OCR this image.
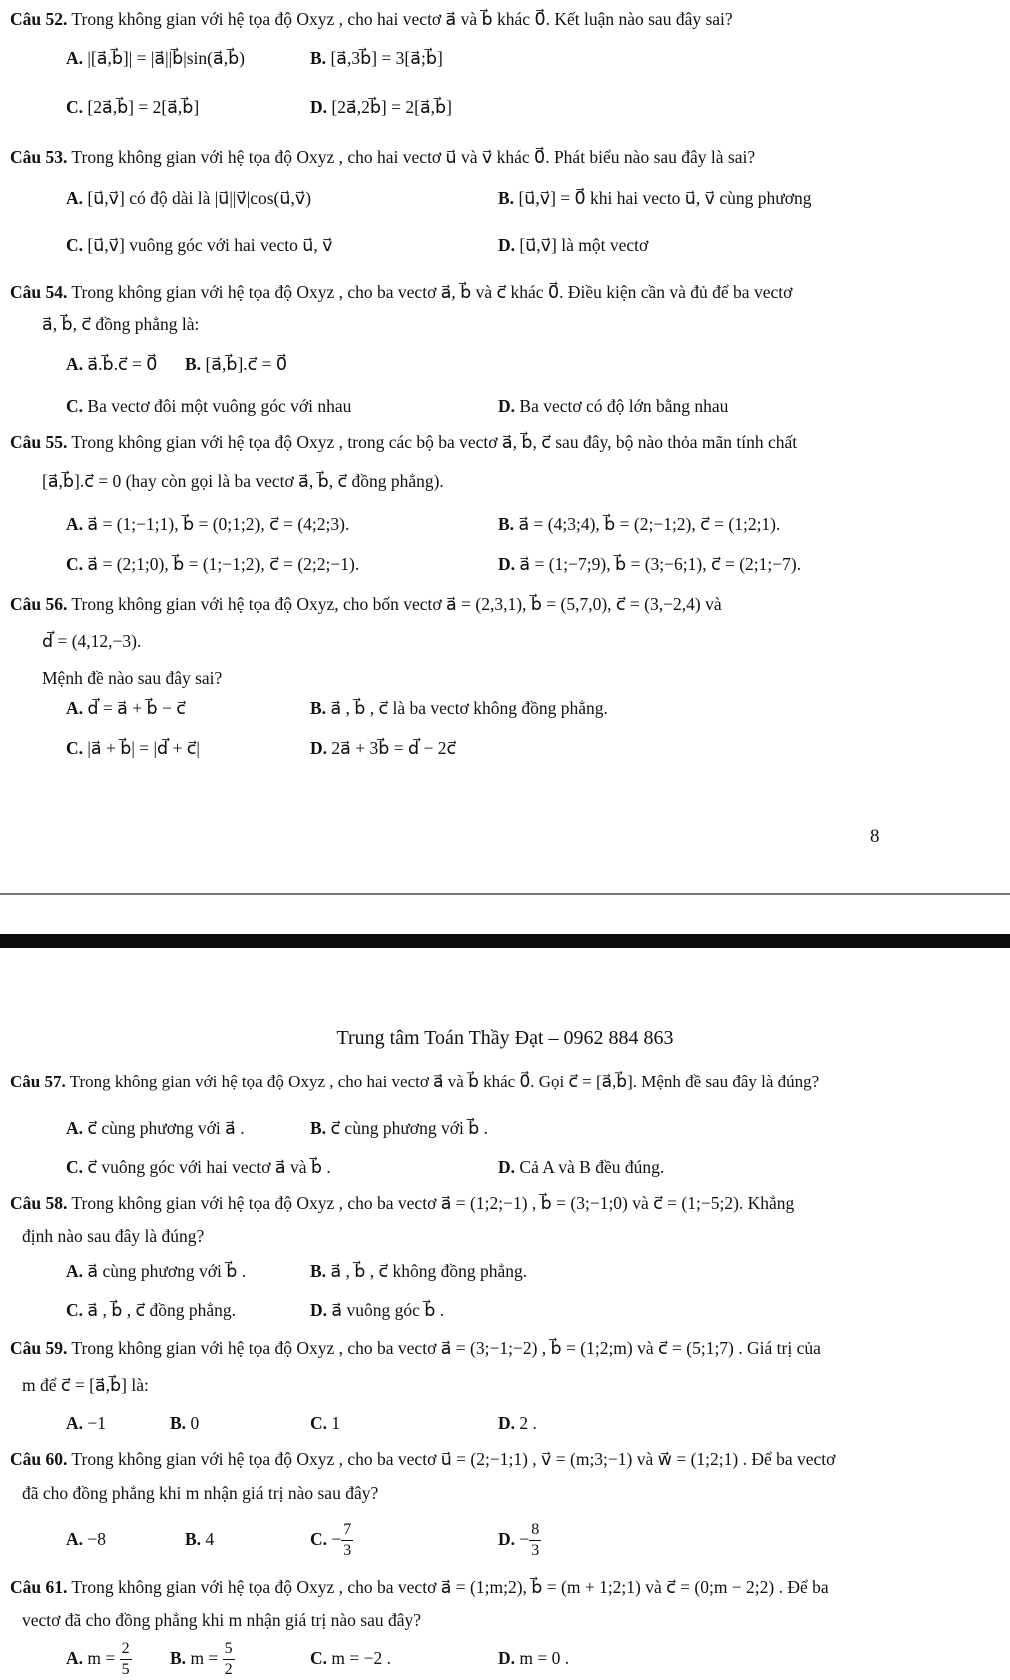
Câu 52. Trong không gian với hệ tọa độ Oxyz , cho hai vectơ a⃗ và b⃗ khác 0⃗. Kết luận nào sau đây sai?
A. |[a⃗,b⃗]| = |a⃗||b⃗|sin(a⃗,b⃗)	B. [a⃗,3b⃗] = 3[a⃗;b⃗]
C. [2a⃗,b⃗] = 2[a⃗,b⃗]	D. [2a⃗,2b⃗] = 2[a⃗,b⃗]
Câu 53. Trong không gian với hệ tọa độ Oxyz , cho hai vectơ u⃗ và v⃗ khác 0⃗. Phát biểu nào sau đây là sai?
A. [u⃗,v⃗] có độ dài là |u⃗||v⃗|cos(u⃗,v⃗)	B. [u⃗,v⃗] = 0⃗ khi hai vecto u⃗, v⃗ cùng phương
C. [u⃗,v⃗] vuông góc với hai vecto u⃗, v⃗	D. [u⃗,v⃗] là một vectơ
Câu 54. Trong không gian với hệ tọa độ Oxyz , cho ba vectơ a⃗, b⃗ và c⃗ khác 0⃗. Điều kiện cần và đủ để ba vectơ
a⃗, b⃗, c⃗ đồng phẳng là:
A. a⃗.b⃗.c⃗ = 0⃗ B. [a⃗,b⃗].c⃗ = 0⃗
C. Ba vectơ đôi một vuông góc với nhau	D. Ba vectơ có độ lớn bằng nhau
Câu 55. Trong không gian với hệ tọa độ Oxyz , trong các bộ ba vectơ a⃗, b⃗, c⃗ sau đây, bộ nào thỏa mãn tính chất
[a⃗,b⃗].c⃗ = 0 (hay còn gọi là ba vectơ a⃗, b⃗, c⃗ đồng phẳng).
A. a⃗ = (1;−1;1), b⃗ = (0;1;2), c⃗ = (4;2;3).	B. a⃗ = (4;3;4), b⃗ = (2;−1;2), c⃗ = (1;2;1).
C. a⃗ = (2;1;0), b⃗ = (1;−1;2), c⃗ = (2;2;−1).	D. a⃗ = (1;−7;9), b⃗ = (3;−6;1), c⃗ = (2;1;−7).
Câu 56. Trong không gian với hệ tọa độ Oxyz, cho bốn vectơ a⃗ = (2,3,1), b⃗ = (5,7,0), c⃗ = (3,−2,4) và
d⃗ = (4,12,−3).
Mệnh đề nào sau đây sai?
A. d⃗ = a⃗ + b⃗ − c⃗	B. a⃗ , b⃗ , c⃗ là ba vectơ không đồng phẳng.
C. |a⃗ + b⃗| = |d⃗ + c⃗|	D. 2a⃗ + 3b⃗ = d⃗ − 2c⃗
8
Trung tâm Toán Thầy Đạt – 0962 884 863
Câu 57. Trong không gian với hệ tọa độ Oxyz , cho hai vectơ a⃗ và b⃗ khác 0⃗. Gọi c⃗ = [a⃗,b⃗]. Mệnh đề sau đây là đúng?
A. c⃗ cùng phương với a⃗ .	B. c⃗ cùng phương với b⃗ .
C. c⃗ vuông góc với hai vectơ a⃗ và b⃗ .	D. Cả A và B đều đúng.
Câu 58. Trong không gian với hệ tọa độ Oxyz , cho ba vectơ a⃗ = (1;2;−1) , b⃗ = (3;−1;0) và c⃗ = (1;−5;2). Khẳng
định nào sau đây là đúng?
A. a⃗ cùng phương với b⃗ .	B. a⃗ , b⃗ , c⃗ không đồng phẳng.
C. a⃗ , b⃗ , c⃗ đồng phẳng.	D. a⃗ vuông góc b⃗ .
Câu 59. Trong không gian với hệ tọa độ Oxyz , cho ba vectơ a⃗ = (3;−1;−2) , b⃗ = (1;2;m) và c⃗ = (5;1;7) . Giá trị của
m để c⃗ = [a⃗,b⃗] là:
A. −1	B. 0	C. 1	D. 2 .
Câu 60. Trong không gian với hệ tọa độ Oxyz , cho ba vectơ u⃗ = (2;−1;1) , v⃗ = (m;3;−1) và w⃗ = (1;2;1) . Để ba vectơ
đã cho đồng phẳng khi m nhận giá trị nào sau đây?
A. −8	B. 4	C. − $\frac{7}{3}$	D. − $\frac{8}{3}$
Câu 61. Trong không gian với hệ tọa độ Oxyz , cho ba vectơ a⃗ = (1;m;2), b⃗ = (m + 1;2;1) và c⃗ = (0;m − 2;2) . Để ba
vectơ đã cho đồng phẳng khi m nhận giá trị nào sau đây?
A. $m = \frac{2}{5} B$. $m = \frac{5}{2}$	C. m = −2 .	D. m = 0 .
